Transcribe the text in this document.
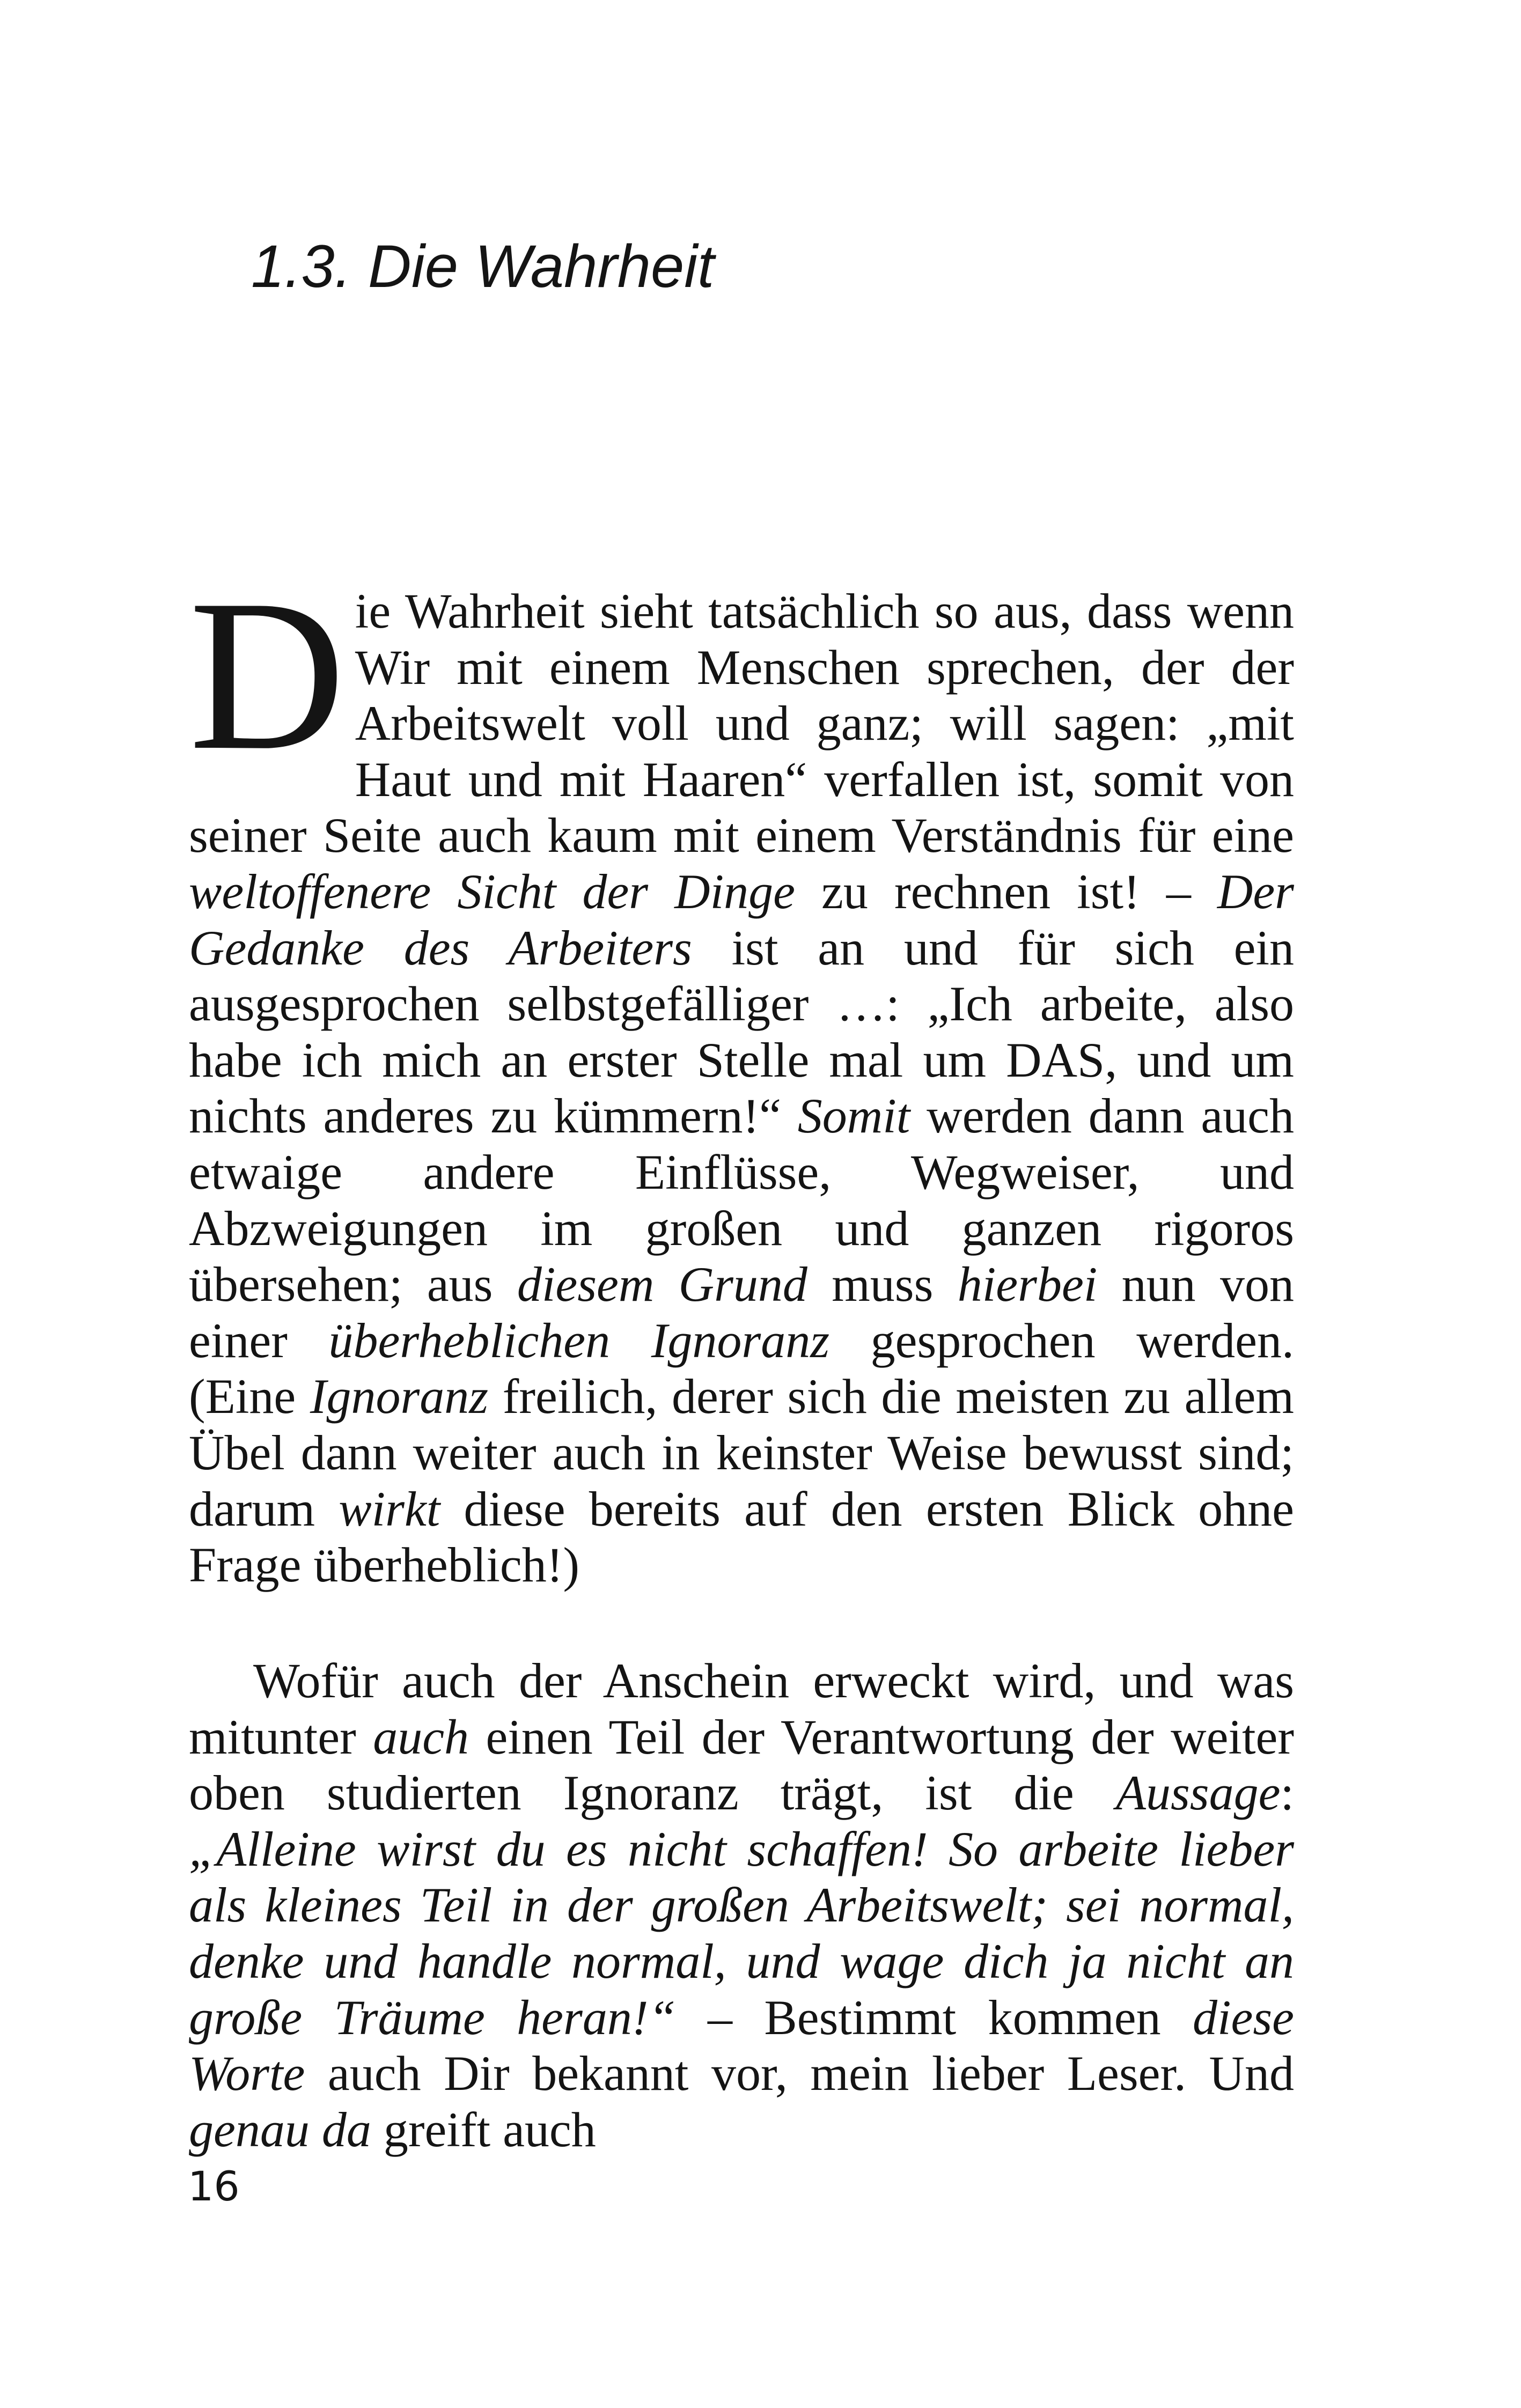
1.3. Die Wahrheit
D ie Wahrheit sieht tatsächlich so aus, dass wenn Wir mit einem Menschen sprechen, der der Arbeitswelt voll und ganz; will sagen: „mit Haut und mit Haaren“ verfallen ist, somit von seiner Seite auch kaum mit einem Verständnis für eine weltoffenere Sicht der Dinge zu rechnen ist! – Der Gedanke des Arbeiters ist an und für sich ein ausgesprochen selbstgefälliger …: „Ich arbeite, also habe ich mich an erster Stelle mal um DAS, und um nichts anderes zu kümmern!“ Somit werden dann auch etwaige andere Einflüsse, Wegweiser, und Abzweigungen im großen und ganzen rigoros übersehen; aus diesem Grund muss hierbei nun von einer überheblichen Ignoranz gesprochen werden. (Eine Ignoranz freilich, derer sich die meisten zu allem Übel dann weiter auch in keinster Weise bewusst sind; darum wirkt diese bereits auf den ersten Blick ohne Frage überheblich!)

Wofür auch der Anschein erweckt wird, und was mitunter auch einen Teil der Verantwortung der weiter oben studierten Ignoranz trägt, ist die Aussage: „Alleine wirst du es nicht schaffen! So arbeite lieber als kleines Teil in der großen Arbeitswelt; sei normal, denke und handle normal, und wage dich ja nicht an große Träume heran!“ – Bestimmt kommen diese Worte auch Dir bekannt vor, mein lieber Leser. Und genau da greift auch

16
